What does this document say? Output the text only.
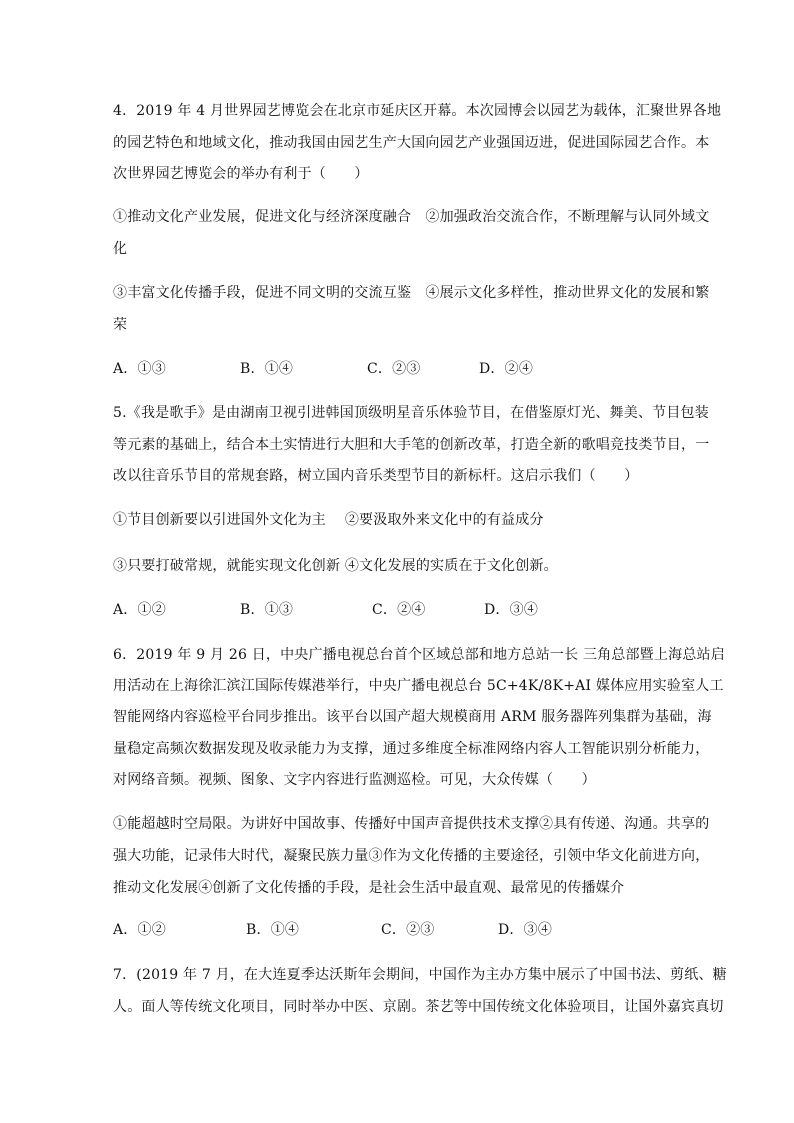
4．2019 年 4 月世界园艺博览会在北京市延庆区开幕。本次园博会以园艺为载体，汇聚世界各地
的园艺特色和地域文化，推动我国由园艺生产大国向园艺产业强国迈进，促进国际园艺合作。本
次世界园艺博览会的举办有利于（　　）
①推动文化产业发展，促进文化与经济深度融合　②加强政治交流合作，不断理解与认同外域文
化
③丰富文化传播手段，促进不同文明的交流互鉴　④展示文化多样性，推动世界文化的发展和繁
荣
A．①③	B．①④	C．②③	D．②④
5.《我是歌手》是由湖南卫视引进韩国顶级明星音乐体验节目，在借鉴原灯光、舞美、节目包装
等元素的基础上，结合本土实情进行大胆和大手笔的创新改革，打造全新的歌唱竞技类节目，一
改以往音乐节目的常规套路，树立国内音乐类型节目的新标杆。这启示我们（　　）
①节目创新要以引进国外文化为主　 ②要汲取外来文化中的有益成分
③只要打破常规，就能实现文化创新 ④文化发展的实质在于文化创新。
A．①②	B．①③	C．②④	D．③④
6．2019 年 9 月 26 日，中央广播电视总台首个区域总部和地方总站一长 三角总部暨上海总站启
用活动在上海徐汇滨江国际传媒港举行，中央广播电视总台 5C+4K/8K+AI 媒体应用实验室人工
智能网络内容巡检平台同步推出。该平台以国产超大规模商用 ARM 服务器阵列集群为基础，海
量稳定高频次数据发现及收录能力为支撑，通过多维度全标准网络内容人工智能识别分析能力，
对网络音频。视频、图象、文字内容进行监测巡检。可见，大众传媒（　　）
①能超越时空局限。为讲好中国故事、传播好中国声音提供技术支撑②具有传递、沟通。共享的
强大功能，记录伟大时代，凝聚民族力量③作为文化传播的主要途径，引领中华文化前进方向，
推动文化发展④创新了文化传播的手段，是社会生活中最直观、最常见的传播媒介
A．①②	B．①④	C．②③	D．③④
7．(2019 年 7 月，在大连夏季达沃斯年会期间，中国作为主办方集中展示了中国书法、剪纸、糖
人。面人等传统文化项目，同时举办中医、京剧。茶艺等中国传统文化体验项目，让国外嘉宾真切
